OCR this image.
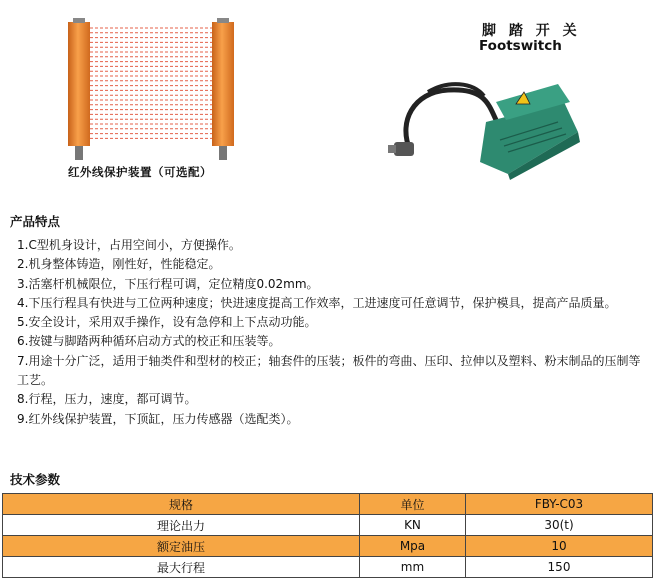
红外线保护装置（可选配）
脚 踏 开 关
Footswitch
产品特点
1.C型机身设计，占用空间小，方便操作。
2.机身整体铸造，刚性好，性能稳定。
3.活塞杆机械限位，下压行程可调，定位精度0.02mm。
4.下压行程具有快进与工位两种速度；快进速度提高工作效率，工进速度可任意调节，保护模具，提高产品质量。
5.安全设计，采用双手操作，设有急停和上下点动功能。
6.按键与脚踏两种循环启动方式的校正和压装等。
7.用途十分广泛，适用于轴类件和型材的校正；轴套件的压装；板件的弯曲、压印、拉伸以及塑料、粉末制品的压制等工艺。
8.行程，压力，速度，都可调节。
9.红外线保护装置，下顶缸，压力传感器（选配类）。
技术参数
规格	单位	FBY-C03
理论出力	KN	30(t)
额定油压	Mpa	10
最大行程	mm	150
